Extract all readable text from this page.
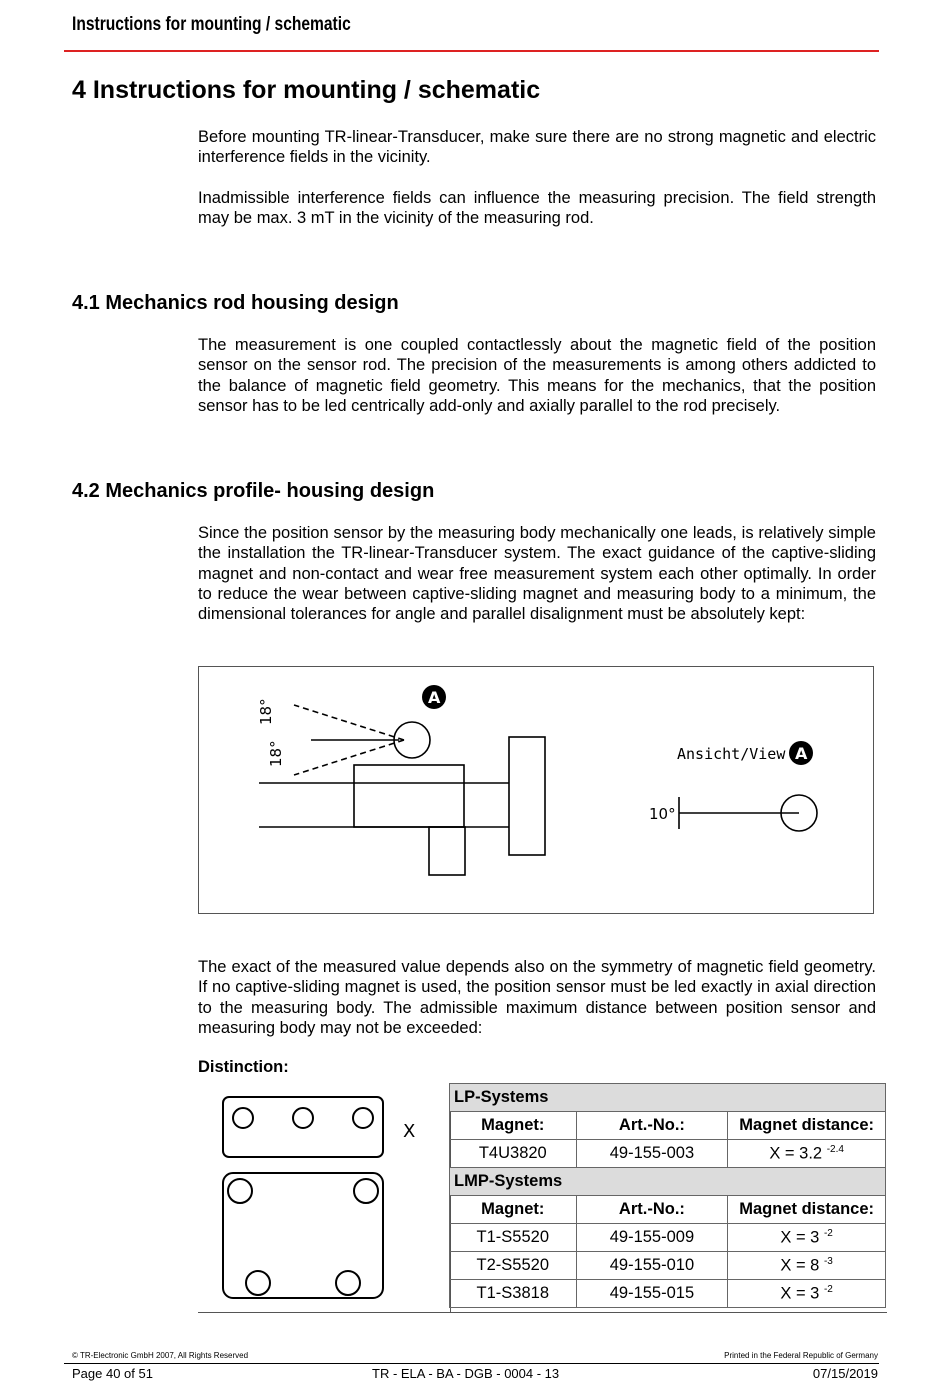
Instructions for mounting / schematic
4 Instructions for mounting / schematic

Before mounting TR-linear-Transducer, make sure there are no strong magnetic and electric interference fields in the vicinity.

Inadmissible interference fields can influence the measuring precision. The field strength may be max. 3 mT in the vicinity of the measuring rod.

4.1 Mechanics rod housing design

The measurement is one coupled contactlessly about the magnetic field of the position sensor on the sensor rod. The precision of the measurements is among others addicted to the balance of magnetic field geometry. This means for the mechanics, that the position sensor has to be led centrically add-only and axially parallel to the rod precisely.

4.2 Mechanics profile- housing design

Since the position sensor by the measuring body mechanically one leads, is relatively simple the installation the TR-linear-Transducer system. The exact guidance of the captive-sliding magnet and non-contact and wear free measurement system each other optimally. In order to reduce the wear between captive-sliding magnet and measuring body to a minimum, the dimensional tolerances for angle and parallel disalignment must be absolutely kept:

18°
18°
A
Ansicht/View A
10°

The exact of the measured value depends also on the symmetry of magnetic field geometry. If no captive-sliding magnet is used, the position sensor must be led exactly in axial direction to the measuring body. The admissible maximum distance between position sensor and measuring body may not be exceeded:

Distinction:
X
LP-Systems		
Magnet:	Art.-No.:	Magnet distance:
T4U3820	49-155-003	X = 3.2 $^{-2.4}$
LMP-Systems		
Magnet:	Art.-No.:	Magnet distance:
T1-S5520	49-155-009	X = 3 $^{-2}$
T2-S5520	49-155-010	X = 8 $^{-3}$
T1-S3818	49-155-015	X = 3 $^{-2}$
© TR-Electronic GmbH 2007, All Rights Reserved	Printed in the Federal Republic of Germany
Page 40 of 51	TR - ELA - BA - DGB - 0004 - 13	07/15/2019
